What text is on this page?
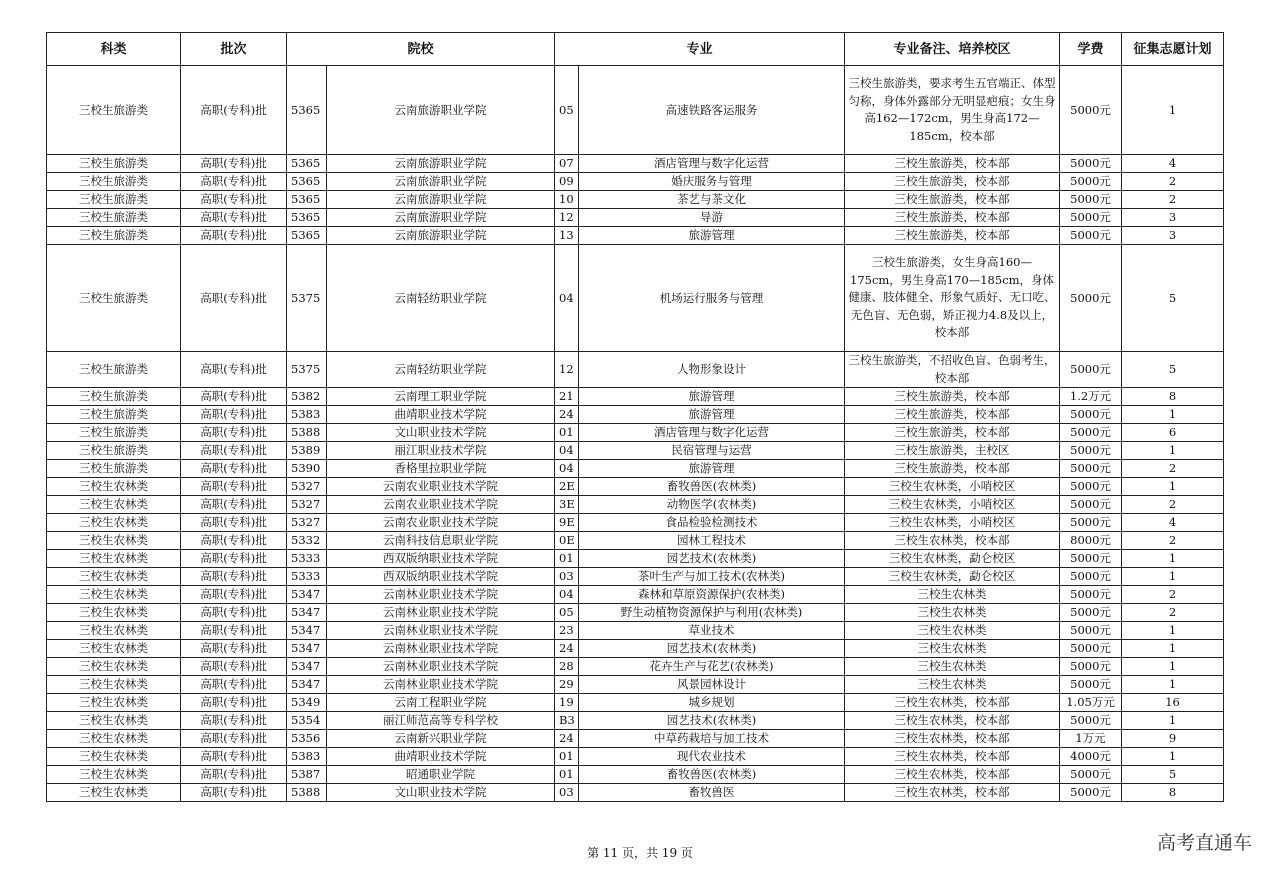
科类	批次	院校		专业		专业备注、培养校区	学费	征集志愿计划
三校生旅游类	高职(专科)批	5365	云南旅游职业学院	05	高速铁路客运服务	三校生旅游类，要求考生五官端正、体型匀称，身体外露部分无明显疤痕；女生身高162—172cm，男生身高172—185cm，校本部	5000元	1
三校生旅游类	高职(专科)批	5365	云南旅游职业学院	07	酒店管理与数字化运营	三校生旅游类，校本部	5000元	4
三校生旅游类	高职(专科)批	5365	云南旅游职业学院	09	婚庆服务与管理	三校生旅游类，校本部	5000元	2
三校生旅游类	高职(专科)批	5365	云南旅游职业学院	10	茶艺与茶文化	三校生旅游类，校本部	5000元	2
三校生旅游类	高职(专科)批	5365	云南旅游职业学院	12	导游	三校生旅游类，校本部	5000元	3
三校生旅游类	高职(专科)批	5365	云南旅游职业学院	13	旅游管理	三校生旅游类，校本部	5000元	3
三校生旅游类	高职(专科)批	5375	云南轻纺职业学院	04	机场运行服务与管理	三校生旅游类，女生身高160—175cm，男生身高170—185cm，身体健康、肢体健全、形象气质好、无口吃、无色盲、无色弱，矫正视力4.8及以上，校本部	5000元	5
三校生旅游类	高职(专科)批	5375	云南轻纺职业学院	12	人物形象设计	三校生旅游类，不招收色盲、色弱考生，校本部	5000元	5
三校生旅游类	高职(专科)批	5382	云南理工职业学院	21	旅游管理	三校生旅游类，校本部	1.2万元	8
三校生旅游类	高职(专科)批	5383	曲靖职业技术学院	24	旅游管理	三校生旅游类，校本部	5000元	1
三校生旅游类	高职(专科)批	5388	文山职业技术学院	01	酒店管理与数字化运营	三校生旅游类，校本部	5000元	6
三校生旅游类	高职(专科)批	5389	丽江职业技术学院	04	民宿管理与运营	三校生旅游类，主校区	5000元	1
三校生旅游类	高职(专科)批	5390	香格里拉职业学院	04	旅游管理	三校生旅游类，校本部	5000元	2
三校生农林类	高职(专科)批	5327	云南农业职业技术学院	2E	畜牧兽医(农林类)	三校生农林类，小哨校区	5000元	1
三校生农林类	高职(专科)批	5327	云南农业职业技术学院	3E	动物医学(农林类)	三校生农林类，小哨校区	5000元	2
三校生农林类	高职(专科)批	5327	云南农业职业技术学院	9E	食品检验检测技术	三校生农林类，小哨校区	5000元	4
三校生农林类	高职(专科)批	5332	云南科技信息职业学院	0E	园林工程技术	三校生农林类，校本部	8000元	2
三校生农林类	高职(专科)批	5333	西双版纳职业技术学院	01	园艺技术(农林类)	三校生农林类，勐仑校区	5000元	1
三校生农林类	高职(专科)批	5333	西双版纳职业技术学院	03	茶叶生产与加工技术(农林类)	三校生农林类，勐仑校区	5000元	1
三校生农林类	高职(专科)批	5347	云南林业职业技术学院	04	森林和草原资源保护(农林类)	三校生农林类	5000元	2
三校生农林类	高职(专科)批	5347	云南林业职业技术学院	05	野生动植物资源保护与利用(农林类)	三校生农林类	5000元	2
三校生农林类	高职(专科)批	5347	云南林业职业技术学院	23	草业技术	三校生农林类	5000元	1
三校生农林类	高职(专科)批	5347	云南林业职业技术学院	24	园艺技术(农林类)	三校生农林类	5000元	1
三校生农林类	高职(专科)批	5347	云南林业职业技术学院	28	花卉生产与花艺(农林类)	三校生农林类	5000元	1
三校生农林类	高职(专科)批	5347	云南林业职业技术学院	29	风景园林设计	三校生农林类	5000元	1
三校生农林类	高职(专科)批	5349	云南工程职业学院	19	城乡规划	三校生农林类，校本部	1.05万元	16
三校生农林类	高职(专科)批	5354	丽江师范高等专科学校	B3	园艺技术(农林类)	三校生农林类，校本部	5000元	1
三校生农林类	高职(专科)批	5356	云南新兴职业学院	24	中草药栽培与加工技术	三校生农林类，校本部	1万元	9
三校生农林类	高职(专科)批	5383	曲靖职业技术学院	01	现代农业技术	三校生农林类，校本部	4000元	1
三校生农林类	高职(专科)批	5387	昭通职业学院	01	畜牧兽医(农林类)	三校生农林类，校本部	5000元	5
三校生农林类	高职(专科)批	5388	文山职业技术学院	03	畜牧兽医	三校生农林类，校本部	5000元	8
第 11 页，共 19 页	高考直通车
